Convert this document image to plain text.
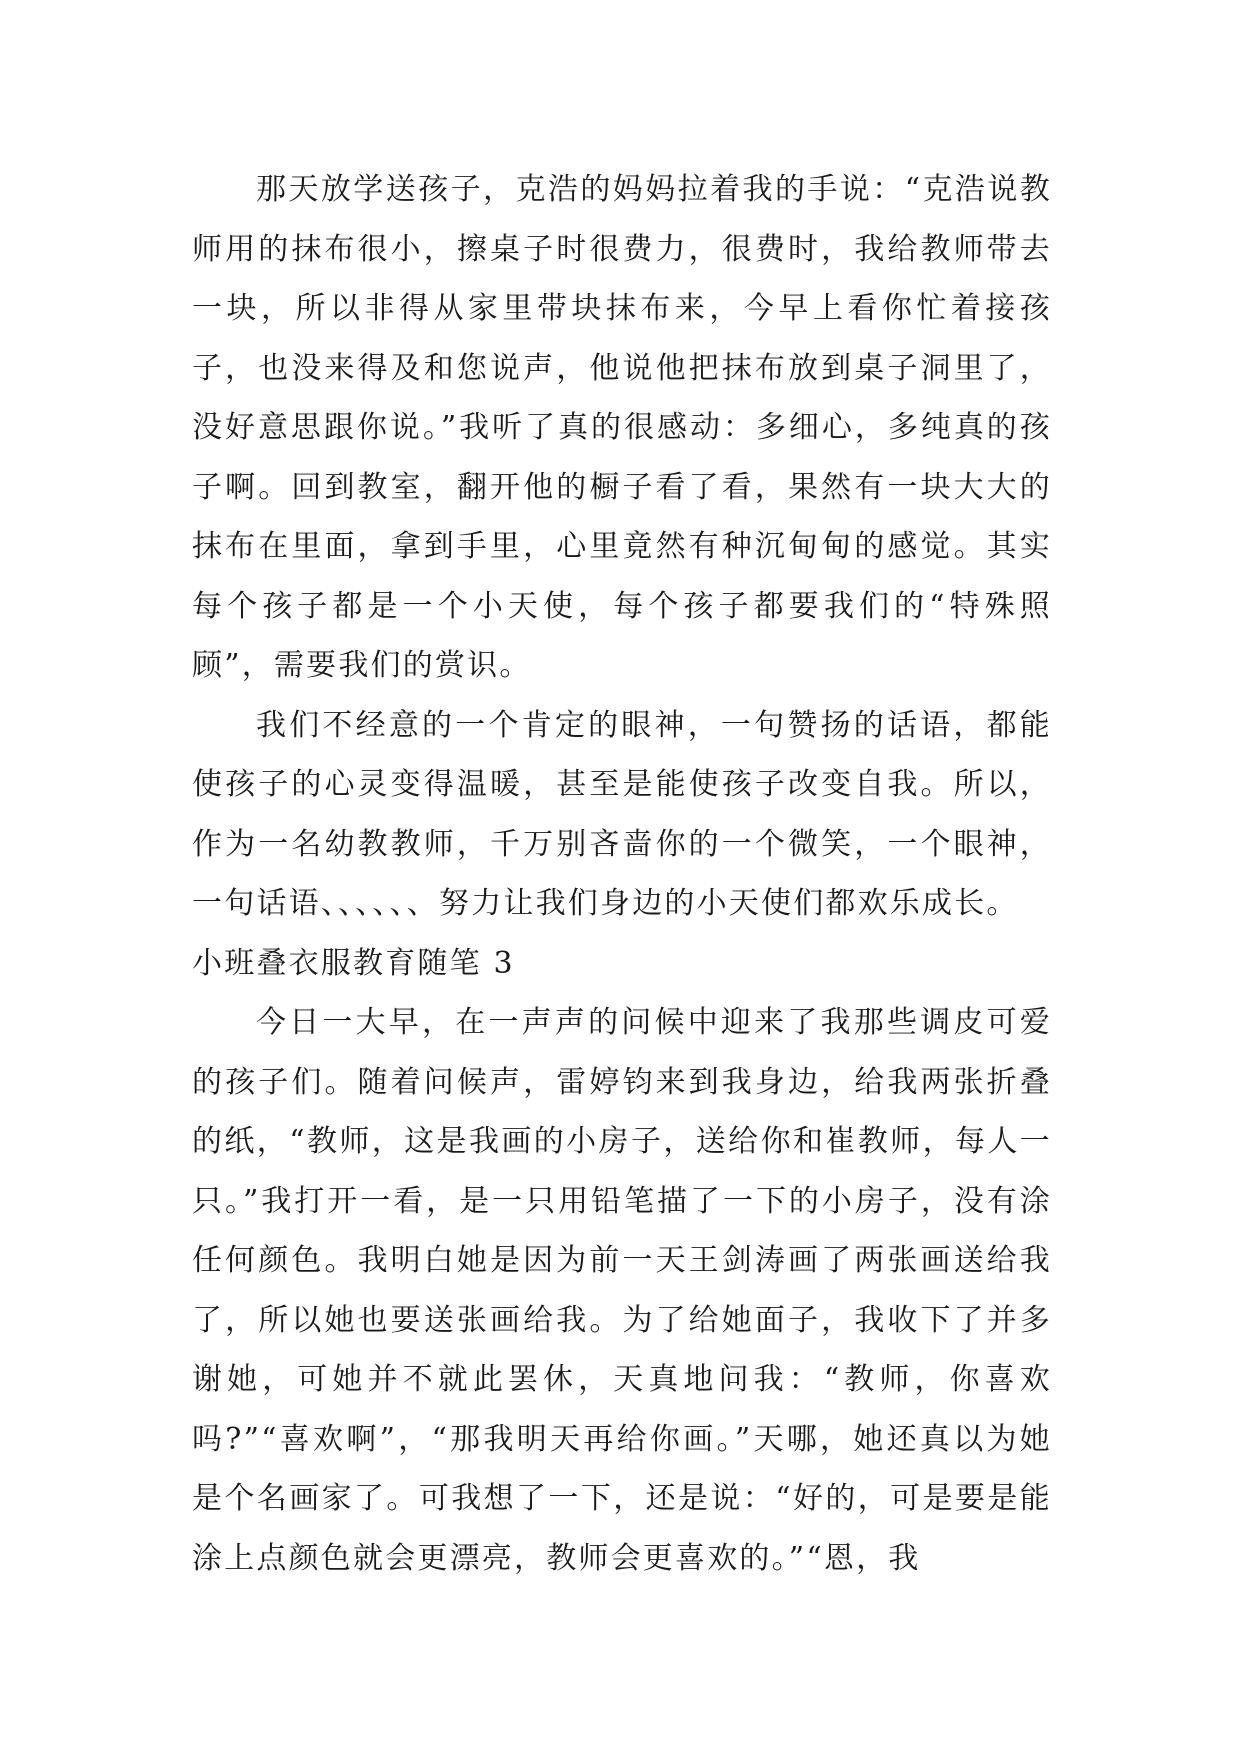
那天放学送孩子，克浩的妈妈拉着我的手说：“克浩说教师用的抹布很小，擦桌子时很费力，很费时，我给教师带去一块，所以非得从家里带块抹布来，今早上看你忙着接孩子，也没来得及和您说声，他说他把抹布放到桌子洞里了，没好意思跟你说。”我听了真的很感动：多细心，多纯真的孩子啊。回到教室，翻开他的橱子看了看，果然有一块大大的抹布在里面，拿到手里，心里竟然有种沉甸甸的感觉。其实每个孩子都是一个小天使，每个孩子都要我们的“特殊照顾”，需要我们的赏识。

我们不经意的一个肯定的眼神，一句赞扬的话语，都能使孩子的心灵变得温暖，甚至是能使孩子改变自我。所以，作为一名幼教教师，千万别吝啬你的一个微笑，一个眼神，一句话语、、、、、、努力让我们身边的小天使们都欢乐成长。

小班叠衣服教育随笔 3

今日一大早，在一声声的问候中迎来了我那些调皮可爱的孩子们。随着问候声，雷婷钧来到我身边，给我两张折叠的纸，“教师，这是我画的小房子，送给你和崔教师，每人一只。”我打开一看，是一只用铅笔描了一下的小房子，没有涂任何颜色。我明白她是因为前一天王剑涛画了两张画送给我了，所以她也要送张画给我。为了给她面子，我收下了并多谢她，可她并不就此罢休，天真地问我：“教师，你喜欢吗?”“喜欢啊”，“那我明天再给你画。”天哪，她还真以为她是个名画家了。可我想了一下，还是说：“好的，可是要是能涂上点颜色就会更漂亮，教师会更喜欢的。”“恩，我
